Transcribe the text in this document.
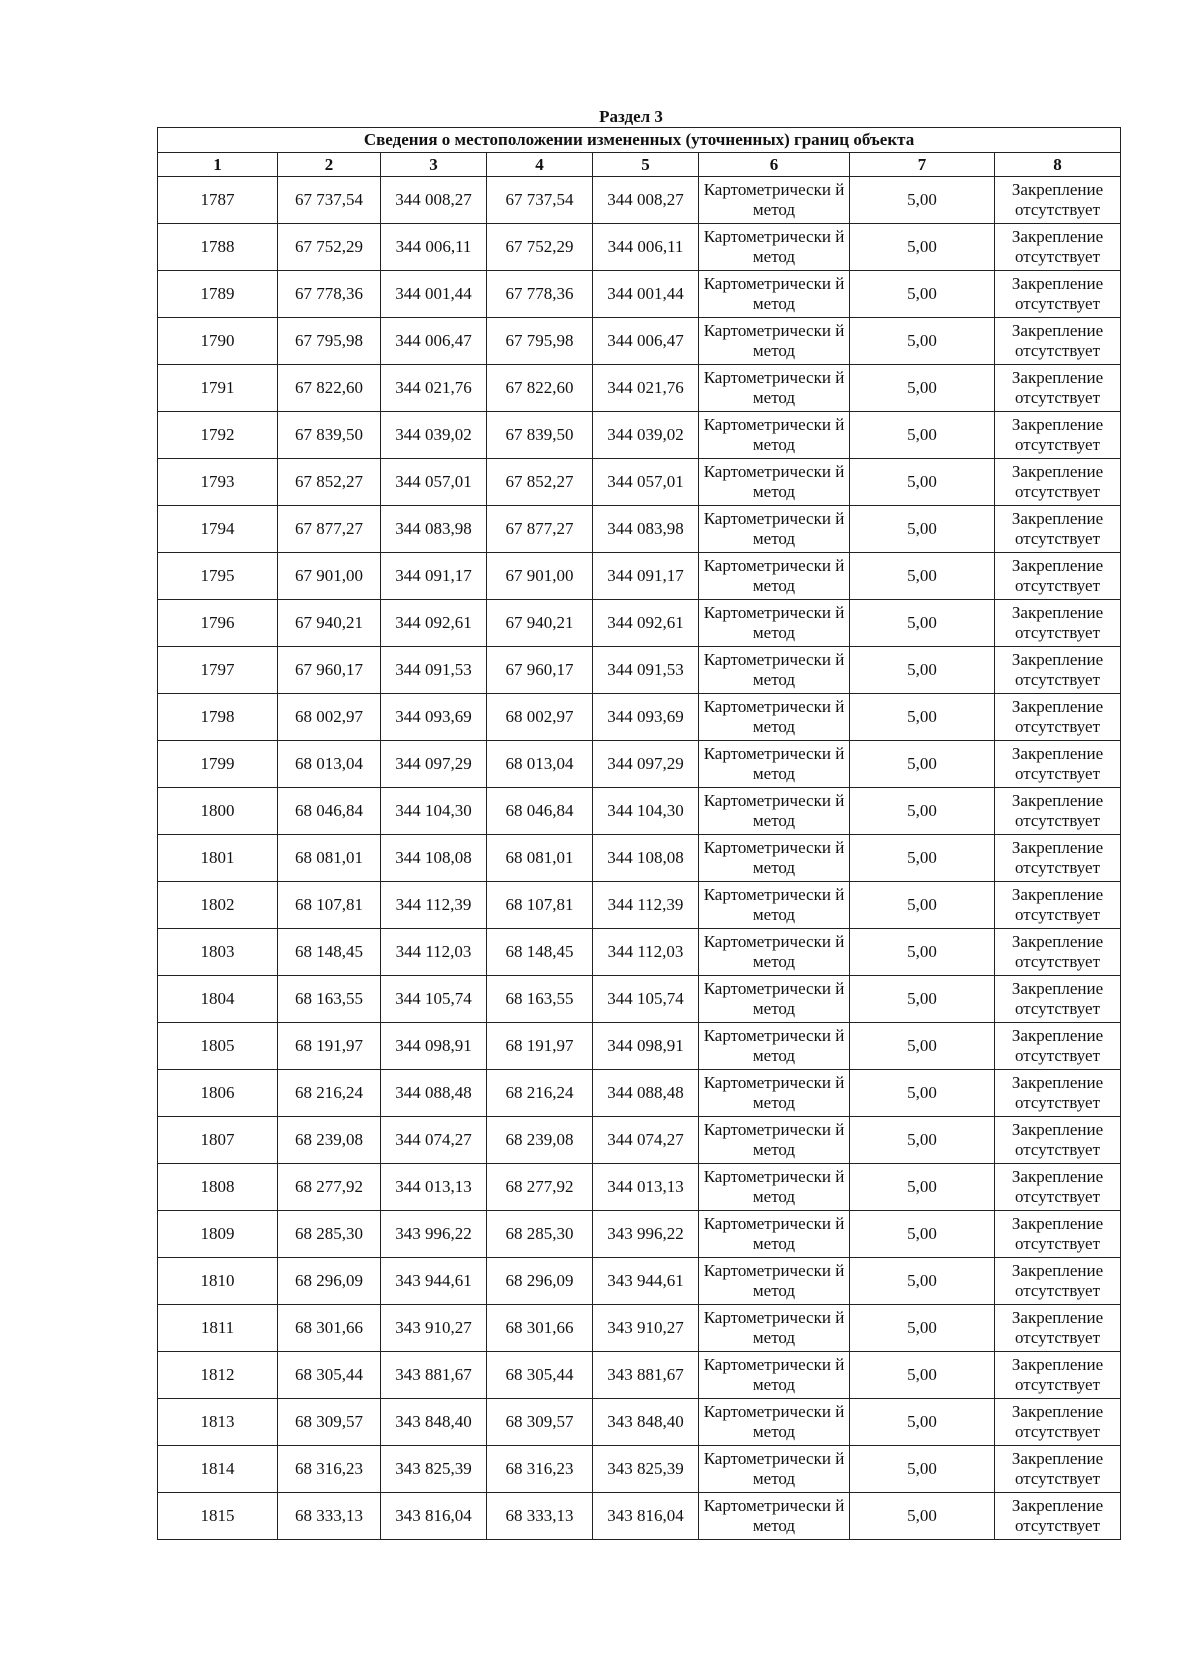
Раздел 3
Сведения о местоположении измененных (уточненных) границ объекта							
1	2	3	4	5	6	7	8
1787	67 737,54	344 008,27	67 737,54	344 008,27	Картометрически й метод	5,00	Закрепление отсутствует
1788	67 752,29	344 006,11	67 752,29	344 006,11	Картометрически й метод	5,00	Закрепление отсутствует
1789	67 778,36	344 001,44	67 778,36	344 001,44	Картометрически й метод	5,00	Закрепление отсутствует
1790	67 795,98	344 006,47	67 795,98	344 006,47	Картометрически й метод	5,00	Закрепление отсутствует
1791	67 822,60	344 021,76	67 822,60	344 021,76	Картометрически й метод	5,00	Закрепление отсутствует
1792	67 839,50	344 039,02	67 839,50	344 039,02	Картометрически й метод	5,00	Закрепление отсутствует
1793	67 852,27	344 057,01	67 852,27	344 057,01	Картометрически й метод	5,00	Закрепление отсутствует
1794	67 877,27	344 083,98	67 877,27	344 083,98	Картометрически й метод	5,00	Закрепление отсутствует
1795	67 901,00	344 091,17	67 901,00	344 091,17	Картометрически й метод	5,00	Закрепление отсутствует
1796	67 940,21	344 092,61	67 940,21	344 092,61	Картометрически й метод	5,00	Закрепление отсутствует
1797	67 960,17	344 091,53	67 960,17	344 091,53	Картометрически й метод	5,00	Закрепление отсутствует
1798	68 002,97	344 093,69	68 002,97	344 093,69	Картометрически й метод	5,00	Закрепление отсутствует
1799	68 013,04	344 097,29	68 013,04	344 097,29	Картометрически й метод	5,00	Закрепление отсутствует
1800	68 046,84	344 104,30	68 046,84	344 104,30	Картометрически й метод	5,00	Закрепление отсутствует
1801	68 081,01	344 108,08	68 081,01	344 108,08	Картометрически й метод	5,00	Закрепление отсутствует
1802	68 107,81	344 112,39	68 107,81	344 112,39	Картометрически й метод	5,00	Закрепление отсутствует
1803	68 148,45	344 112,03	68 148,45	344 112,03	Картометрически й метод	5,00	Закрепление отсутствует
1804	68 163,55	344 105,74	68 163,55	344 105,74	Картометрически й метод	5,00	Закрепление отсутствует
1805	68 191,97	344 098,91	68 191,97	344 098,91	Картометрически й метод	5,00	Закрепление отсутствует
1806	68 216,24	344 088,48	68 216,24	344 088,48	Картометрически й метод	5,00	Закрепление отсутствует
1807	68 239,08	344 074,27	68 239,08	344 074,27	Картометрически й метод	5,00	Закрепление отсутствует
1808	68 277,92	344 013,13	68 277,92	344 013,13	Картометрически й метод	5,00	Закрепление отсутствует
1809	68 285,30	343 996,22	68 285,30	343 996,22	Картометрически й метод	5,00	Закрепление отсутствует
1810	68 296,09	343 944,61	68 296,09	343 944,61	Картометрически й метод	5,00	Закрепление отсутствует
1811	68 301,66	343 910,27	68 301,66	343 910,27	Картометрически й метод	5,00	Закрепление отсутствует
1812	68 305,44	343 881,67	68 305,44	343 881,67	Картометрически й метод	5,00	Закрепление отсутствует
1813	68 309,57	343 848,40	68 309,57	343 848,40	Картометрически й метод	5,00	Закрепление отсутствует
1814	68 316,23	343 825,39	68 316,23	343 825,39	Картометрически й метод	5,00	Закрепление отсутствует
1815	68 333,13	343 816,04	68 333,13	343 816,04	Картометрически й метод	5,00	Закрепление отсутствует
